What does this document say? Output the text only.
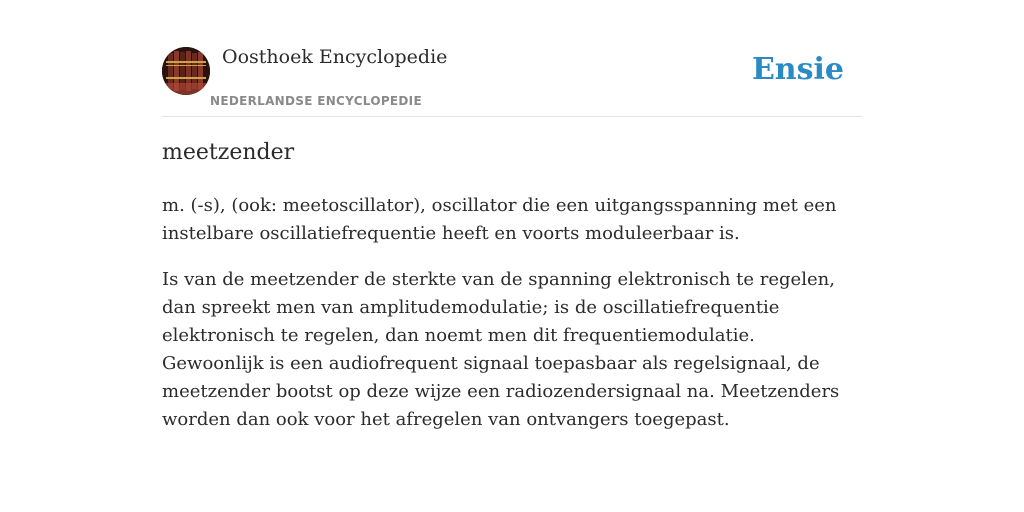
Oosthoek Encyclopedie
NEDERLANDSE ENCYCLOPEDIE
Ensie
meetzender

m. (-s), (ook: meetoscillator), oscillator die een uitgangsspanning met een instelbare oscillatiefrequentie heeft en voorts moduleerbaar is.

Is van de meetzender de sterkte van de spanning elektronisch te regelen, dan spreekt men van amplitudemodulatie; is de oscillatiefrequentie elektronisch te regelen, dan noemt men dit frequentiemodulatie. Gewoonlijk is een audiofrequent signaal toepasbaar als regelsignaal, de meetzender bootst op deze wijze een radiozendersignaal na. Meetzenders worden dan ook voor het afregelen van ontvangers toegepast.
